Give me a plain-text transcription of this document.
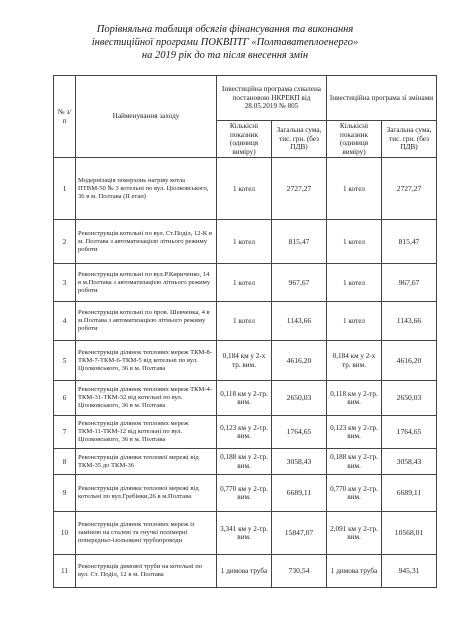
Порівняльна таблиця обсягів фінансування та виконання
інвестиційної програми ПОКВПТГ «Полтаватеплоенерго»
на 2019 рік до та після внесення змін
№ з/п	Найменування заходу	Інвестиційна програма схвалена постановою НКРЕКП від 28.05.2019 № 805		Інвестиційна програма зі змінами	
		Кількісні показник (одиниця виміру)	Загальна сума, тис. грн. (без ПДВ)	Кількісні показник (одиниця виміру)	Загальна сума, тис. грн. (без ПДВ)
1	Модернізація поверхонь нагріву котла ПТВМ-50 № 3 котельні по вул. Ціолковського, 36 в м. Полтава (ІІ етап)	1 котел	2727,27	1 котел	2727,27
2	Реконструкція котельні по вул. Ст.Поділ, 12-К в м. Полтава з автоматизацією літнього режиму роботи	1 котел	815,47	1 котел	815,47
3	Реконструкція котельні по вул.Р.Кириченко, 14 в м.Полтава з автоматизацією літнього режиму роботи	1 котел	967,67	1 котел	967,67
4	Реконструкція котельні по пров. Шевченка, 4 в м.Полтава з автоматизацією літнього режиму роботи	1 котел	1143,66	1 котел	1143,66
5	Реконструкція ділянок теплових мереж ТКМ-8-ТКМ-7-ТКМ-6-ТКМ-5 від котельні по вул. Ціолковського, 36 в м. Полтава	0,184 км у 2-х тр. вим.	4616,20	0,184 км у 2-х тр. вим.	4616,20
6	Реконструкція ділянок теплових мереж ТКМ-4-ТКМ-31-ТКМ-32 від котельні по вул. Ціолковського, 36 в м. Полтава	0,118 км у 2-тр. вим.	2650,03	0,118 км у 2-тр. вим.	2650,03
7	Реконструкція ділянок теплових мереж ТКМ-11-ТКМ-12 від котельні по вул. Ціолковського, 36 в м. Полтава	0,123 км у 2-тр. вим.	1764,65	0,123 км у 2-тр. вим.	1764,65
8	Реконструкція ділянки теплової мережі від ТКМ-35 до ТКМ-36	0,188 км у 2-тр. вим.	3058,43	0,188 км у 2-тр. вим.	3058,43
9	Реконструкція ділянки теплової мережі від котельні по вул.Гребінки,26 в м.Полтава	0,770 км у 2-тр. вим.	6689,11	0,770 км у 2-тр. вим.	6689,11
10	Реконструкція ділянок теплових мереж із заміною на сталеві та гнучкі полімерні попередньо-ізольовані трубопроводи	3,341 км у 2-тр. вим.	15847,07	2,091 км у 2-тр. вим.	10568,01
11	Реконструкція димової труби на котельні по вул. Ст. Поділ, 12 в м. Полтава	1 димова труба	730,54	1 димова труба	945,31
